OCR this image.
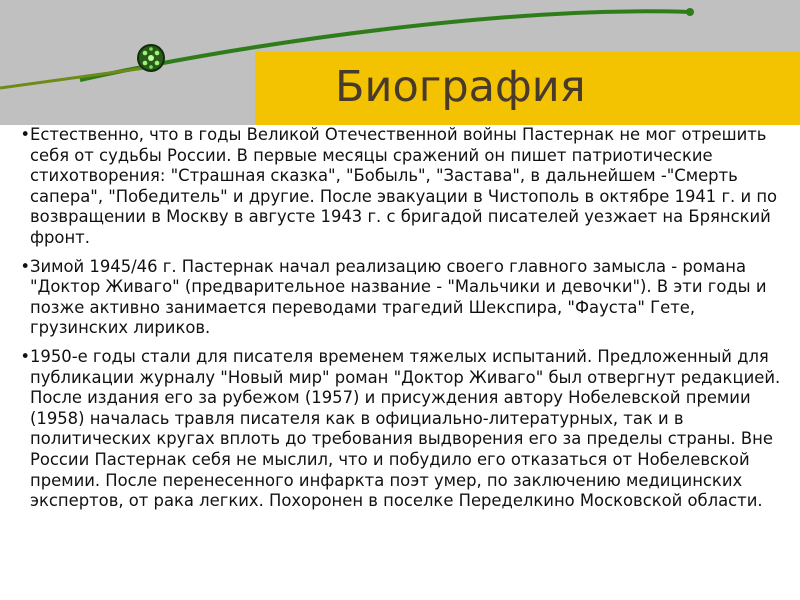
Биография
• Естественно, что в годы Великой Отечественной войны Пастернак не мог отрешить себя от судьбы России. В первые месяцы сражений он пишет патриотические стихотворения: "Страшная сказка", "Бобыль", "Застава", в дальнейшем -"Смерть сапера", "Победитель" и другие. После эвакуации в Чистополь в октябре 1941 г. и по возвращении в Москву в августе 1943 г. с бригадой писателей уезжает на Брянский фронт.
• Зимой 1945/46 г. Пастернак начал реализацию своего главного замысла - романа "Доктор Живаго" (предварительное название - "Мальчики и девочки"). В эти годы и позже активно занимается переводами трагедий Шекспира, "Фауста" Гете, грузинских лириков.
• 1950-е годы стали для писателя временем тяжелых испытаний. Предложенный для публикации журналу "Новый мир" роман "Доктор Живаго" был отвергнут редакцией. После издания его за рубежом (1957) и присуждения автору Нобелевской премии (1958) началась травля писателя как в официально-литературных, так и в политических кругах вплоть до требования выдворения его за пределы страны. Вне России Пастернак себя не мыслил, что и побудило его отказаться от Нобелевской премии. После перенесенного инфаркта поэт умер, по заключению медицинских экспертов, от рака легких. Похоронен в поселке Переделкино Московской области.
